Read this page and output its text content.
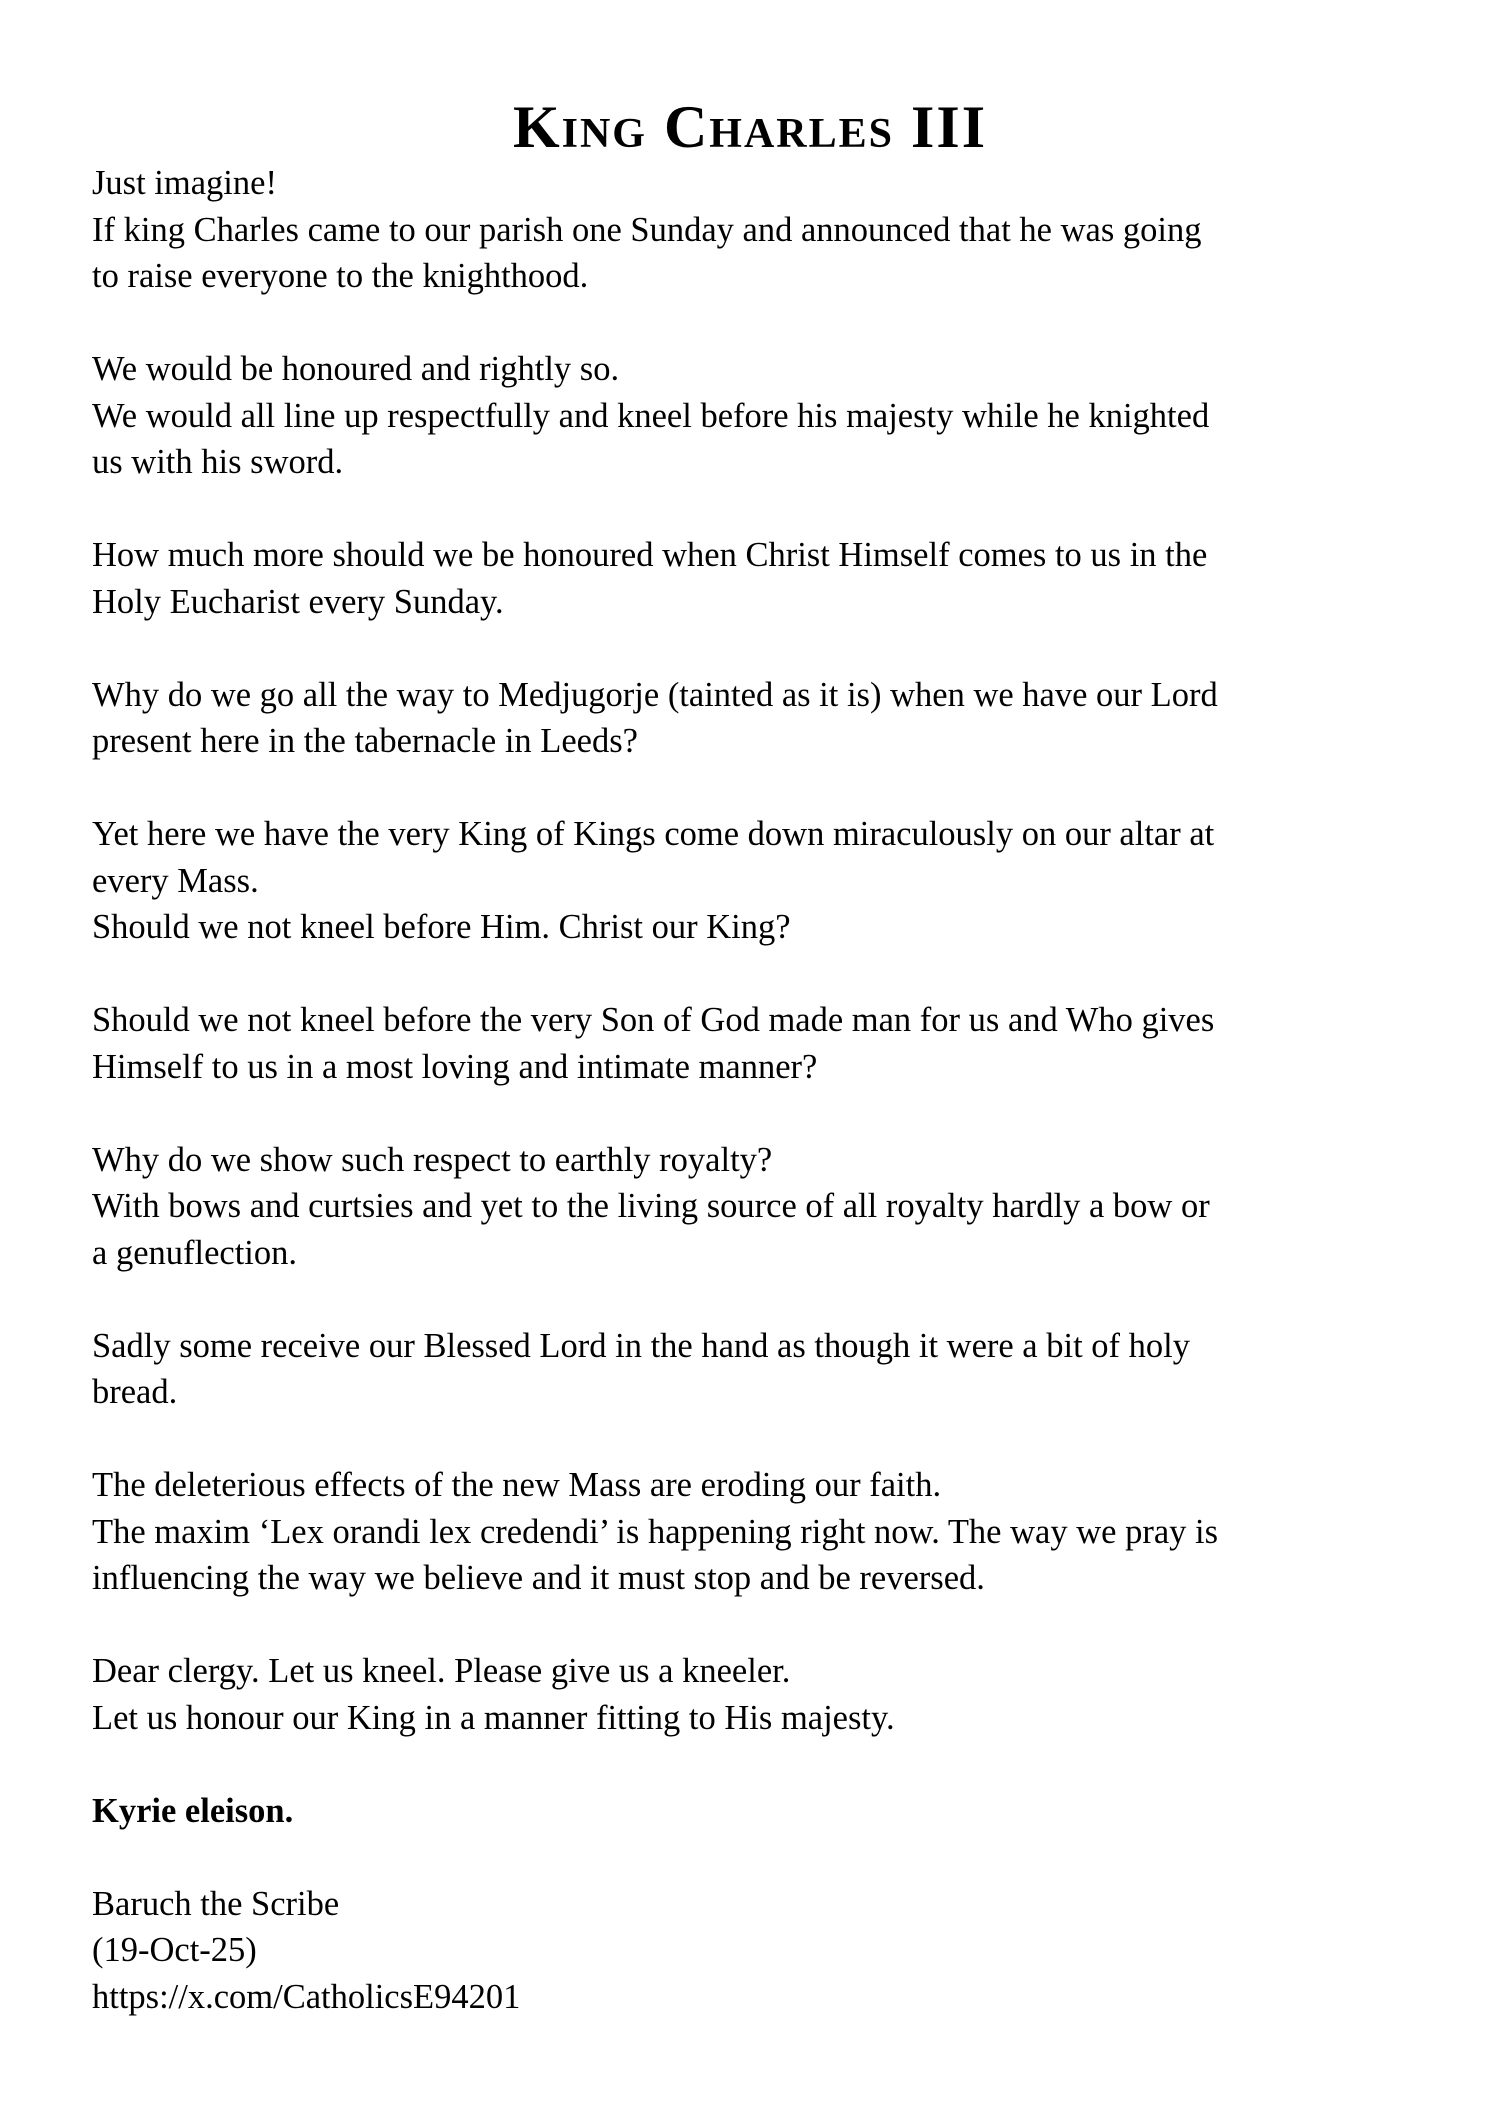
King Charles III

Just imagine!
If king Charles came to our parish one Sunday and announced that he was going
to raise everyone to the knighthood.

We would be honoured and rightly so.
We would all line up respectfully and kneel before his majesty while he knighted
us with his sword.

How much more should we be honoured when Christ Himself comes to us in the
Holy Eucharist every Sunday.

Why do we go all the way to Medjugorje (tainted as it is) when we have our Lord
present here in the tabernacle in Leeds?

Yet here we have the very King of Kings come down miraculously on our altar at
every Mass.
Should we not kneel before Him. Christ our King?

Should we not kneel before the very Son of God made man for us and Who gives
Himself to us in a most loving and intimate manner?

Why do we show such respect to earthly royalty?
With bows and curtsies and yet to the living source of all royalty hardly a bow or
a genuflection.

Sadly some receive our Blessed Lord in the hand as though it were a bit of holy
bread.

The deleterious effects of the new Mass are eroding our faith.
The maxim ‘Lex orandi lex credendi’ is happening right now. The way we pray is
influencing the way we believe and it must stop and be reversed.

Dear clergy. Let us kneel. Please give us a kneeler.
Let us honour our King in a manner fitting to His majesty.

Kyrie eleison.

Baruch the Scribe
(19-Oct-25)
https://x.com/CatholicsE94201
